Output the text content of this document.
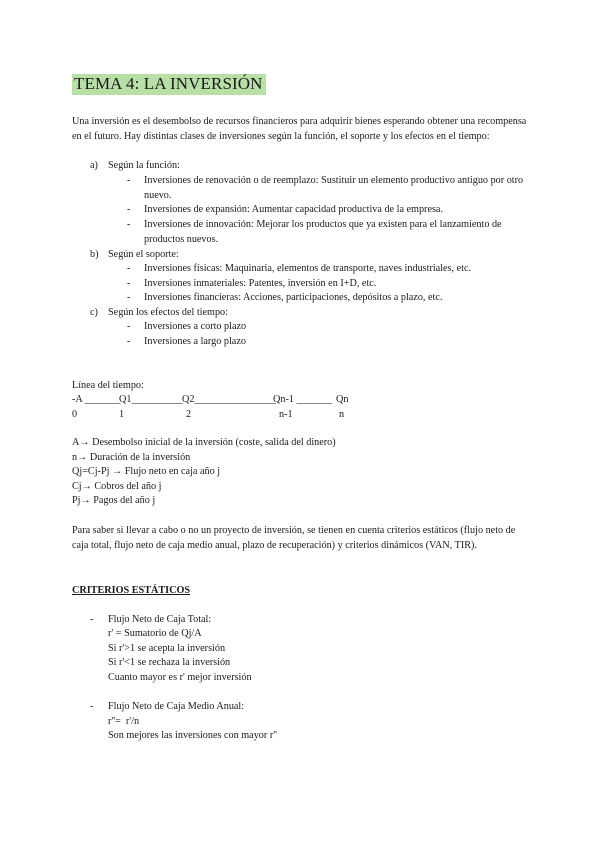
TEMA 4: LA INVERSIÓN

Una inversión es el desembolso de recursos financieros para adquirir bienes esperando obtener una recompensa en el futuro. Hay distintas clases de inversiones según la función, el soporte y los efectos en el tiempo:

a) Según la función:
- Inversiones de renovación o de reemplazo: Sustituir un elemento productivo antiguo por otro nuevo.
- Inversiones de expansión: Aumentar capacidad productiva de la empresa.
- Inversiones de innovación: Mejorar los productos que ya existen para el lanzamiento de productos nuevos.
b) Según el soporte:
- Inversiones físicas: Maquinaria, elementos de transporte, naves industriales, etc.
- Inversiones inmateriales: Patentes, inversión en I+D, etc.
- Inversiones financieras: Acciones, participaciones, depósitos a plazo, etc.
c) Según los efectos del tiempo:
- Inversiones a corto plazo
- Inversiones a largo plazo
Línea del tiempo:
-A _______
Q1__________ Q2________________
Qn-1 _______ Qn
0	1	2	n-1	n
A→ Desembolso inicial de la inversión (coste, salida del dinero)
n→ Duración de la inversión
Qj=Cj-Pj → Flujo neto en caja año j
Cj→ Cobros del año j
Pj→ Pagos del año j

Para saber si llevar a cabo o no un proyecto de inversión, se tienen en cuenta criterios estáticos (flujo neto de caja total, flujo neto de caja medio anual, plazo de recuperación) y criterios dinámicos (VAN, TIR).

CRITERIOS ESTÁTICOS
- Flujo Neto de Caja Total:
r' = Sumatorio de Qj/A
Si r'>1 se acepta la inversión
Si r'<1 se rechaza la inversión
Cuanto mayor es r' mejor inversión
- Flujo Neto de Caja Medio Anual:
r''=  r'/n
Son mejores las inversiones con mayor r''
